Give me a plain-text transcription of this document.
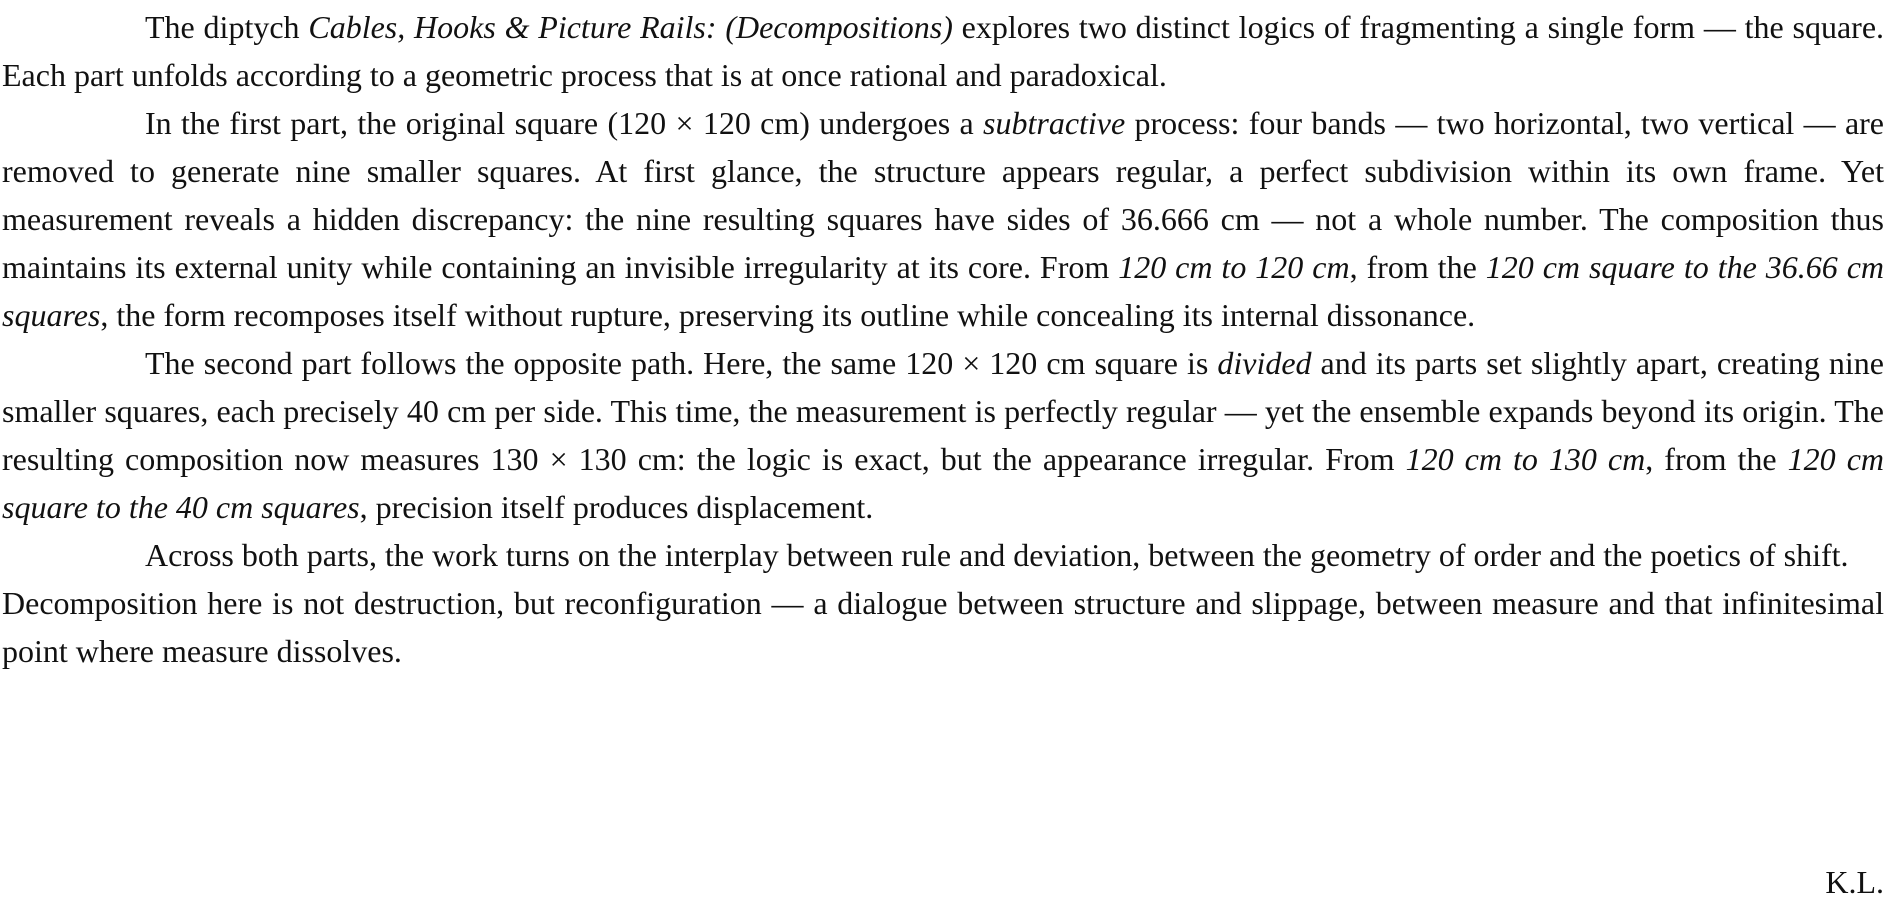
The diptych Cables, Hooks & Picture Rails: (Decompositions) explores two distinct logics of fragmenting a single form — the square. Each part unfolds according to a geometric process that is at once rational and paradoxical.

In the first part, the original square (120 × 120 cm) undergoes a subtractive process: four bands — two horizontal, two vertical — are removed to generate nine smaller squares. At first glance, the structure appears regular, a perfect subdivision within its own frame. Yet measurement reveals a hidden discrepancy: the nine resulting squares have sides of 36.666 cm — not a whole number. The composition thus maintains its external unity while containing an invisible irregularity at its core. From 120 cm to 120 cm, from the 120 cm square to the 36.66 cm squares, the form recomposes itself without rupture, preserving its outline while concealing its internal dissonance.

The second part follows the opposite path. Here, the same 120 × 120 cm square is divided and its parts set slightly apart, creating nine smaller squares, each precisely 40 cm per side. This time, the measurement is perfectly regular — yet the ensemble expands beyond its origin. The resulting composition now measures 130 × 130 cm: the logic is exact, but the appearance irregular. From 120 cm to 130 cm, from the 120 cm square to the 40 cm squares, precision itself produces displacement.

Across both parts, the work turns on the interplay between rule and deviation, between the geometry of order and the poetics of shift.

Decomposition here is not destruction, but reconfiguration — a dialogue between structure and slippage, between measure and that infinitesimal point where measure dissolves.

K.L.
